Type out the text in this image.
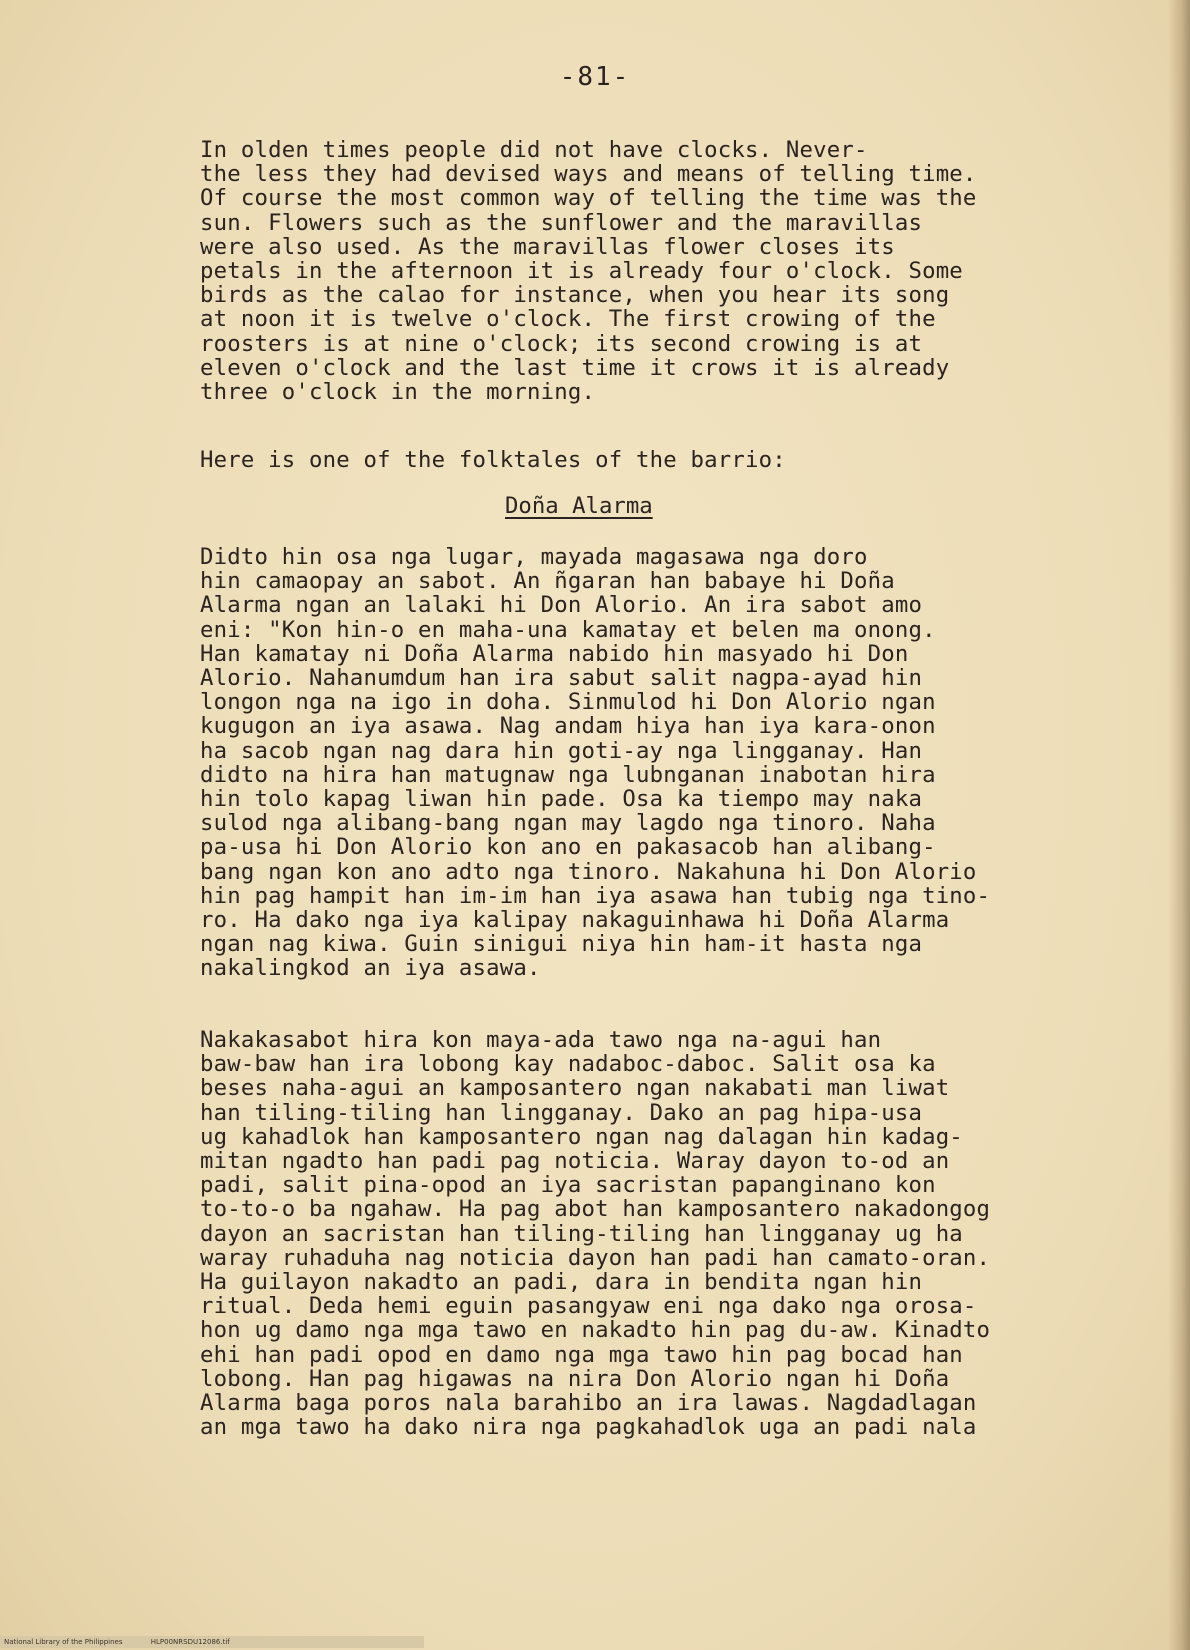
-81-

In olden times people did not have clocks. Never-
the less they had devised ways and means of telling time.
Of course the most common way of telling the time was the
sun. Flowers such as the sunflower and the maravillas
were also used. As the maravillas flower closes its
petals in the afternoon it is already four o'clock. Some
birds as the calao for instance, when you hear its song
at noon it is twelve o'clock. The first crowing of the
roosters is at nine o'clock; its second crowing is at
eleven o'clock and the last time it crows it is already
three o'clock in the morning.

Here is one of the folktales of the barrio:

Doña Alarma

Didto hin osa nga lugar, mayada magasawa nga doro
hin camaopay an sabot. An ñgaran han babaye hi Doña
Alarma ngan an lalaki hi Don Alorio. An ira sabot amo
eni: "Kon hin-o en maha-una kamatay et belen ma onong.
Han kamatay ni Doña Alarma nabido hin masyado hi Don
Alorio. Nahanumdum han ira sabut salit nagpa-ayad hin
longon nga na igo in doha. Sinmulod hi Don Alorio ngan
kugugon an iya asawa. Nag andam hiya han iya kara-onon
ha sacob ngan nag dara hin goti-ay nga lingganay. Han
didto na hira han matugnaw nga lubnganan inabotan hira
hin tolo kapag liwan hin pade. Osa ka tiempo may naka
sulod nga alibang-bang ngan may lagdo nga tinoro. Naha
pa-usa hi Don Alorio kon ano en pakasacob han alibang-
bang ngan kon ano adto nga tinoro. Nakahuna hi Don Alorio
hin pag hampit han im-im han iya asawa han tubig nga tino-
ro. Ha dako nga iya kalipay nakaguinhawa hi Doña Alarma
ngan nag kiwa. Guin sinigui niya hin ham-it hasta nga
nakalingkod an iya asawa.

Nakakasabot hira kon maya-ada tawo nga na-agui han
baw-baw han ira lobong kay nadaboc-daboc. Salit osa ka
beses naha-agui an kamposantero ngan nakabati man liwat
han tiling-tiling han lingganay. Dako an pag hipa-usa
ug kahadlok han kamposantero ngan nag dalagan hin kadag-
mitan ngadto han padi pag noticia. Waray dayon to-od an
padi, salit pina-opod an iya sacristan papanginano kon
to-to-o ba ngahaw. Ha pag abot han kamposantero nakadongog
dayon an sacristan han tiling-tiling han lingganay ug ha
waray ruhaduha nag noticia dayon han padi han camato-oran.
Ha guilayon nakadto an padi, dara in bendita ngan hin
ritual. Deda hemi eguin pasangyaw eni nga dako nga orosa-
hon ug damo nga mga tawo en nakadto hin pag du-aw. Kinadto
ehi han padi opod en damo nga mga tawo hin pag bocad han
lobong. Han pag higawas na nira Don Alorio ngan hi Doña
Alarma baga poros nala barahibo an ira lawas. Nagdadlagan
an mga tawo ha dako nira nga pagkahadlok uga an padi nala

National Library of the Philippines	HLP00NRSDU12086.tif
